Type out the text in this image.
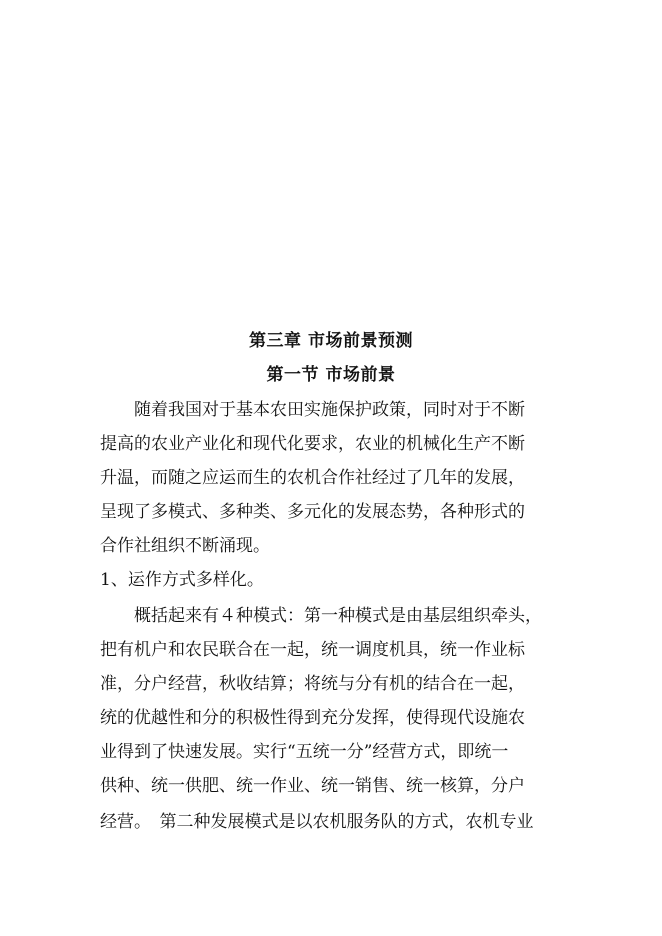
第三章 市场前景预测
第一节 市场前景
　　随着我国对于基本农田实施保护政策，同时对于不断
提高的农业产业化和现代化要求，农业的机械化生产不断
升温，而随之应运而生的农机合作社经过了几年的发展，
呈现了多模式、多种类、多元化的发展态势，各种形式的
合作社组织不断涌现。
1、运作方式多样化。
　　概括起来有４种模式：第一种模式是由基层组织牵头，
把有机户和农民联合在一起，统一调度机具，统一作业标
准，分户经营，秋收结算；将统与分有机的结合在一起，
统的优越性和分的积极性得到充分发挥，使得现代设施农
业得到了快速发展。实行“五统一分”经营方式，即统一
供种、统一供肥、统一作业、统一销售、统一核算，分户
经营。　第二种发展模式是以农机服务队的方式，农机专业
